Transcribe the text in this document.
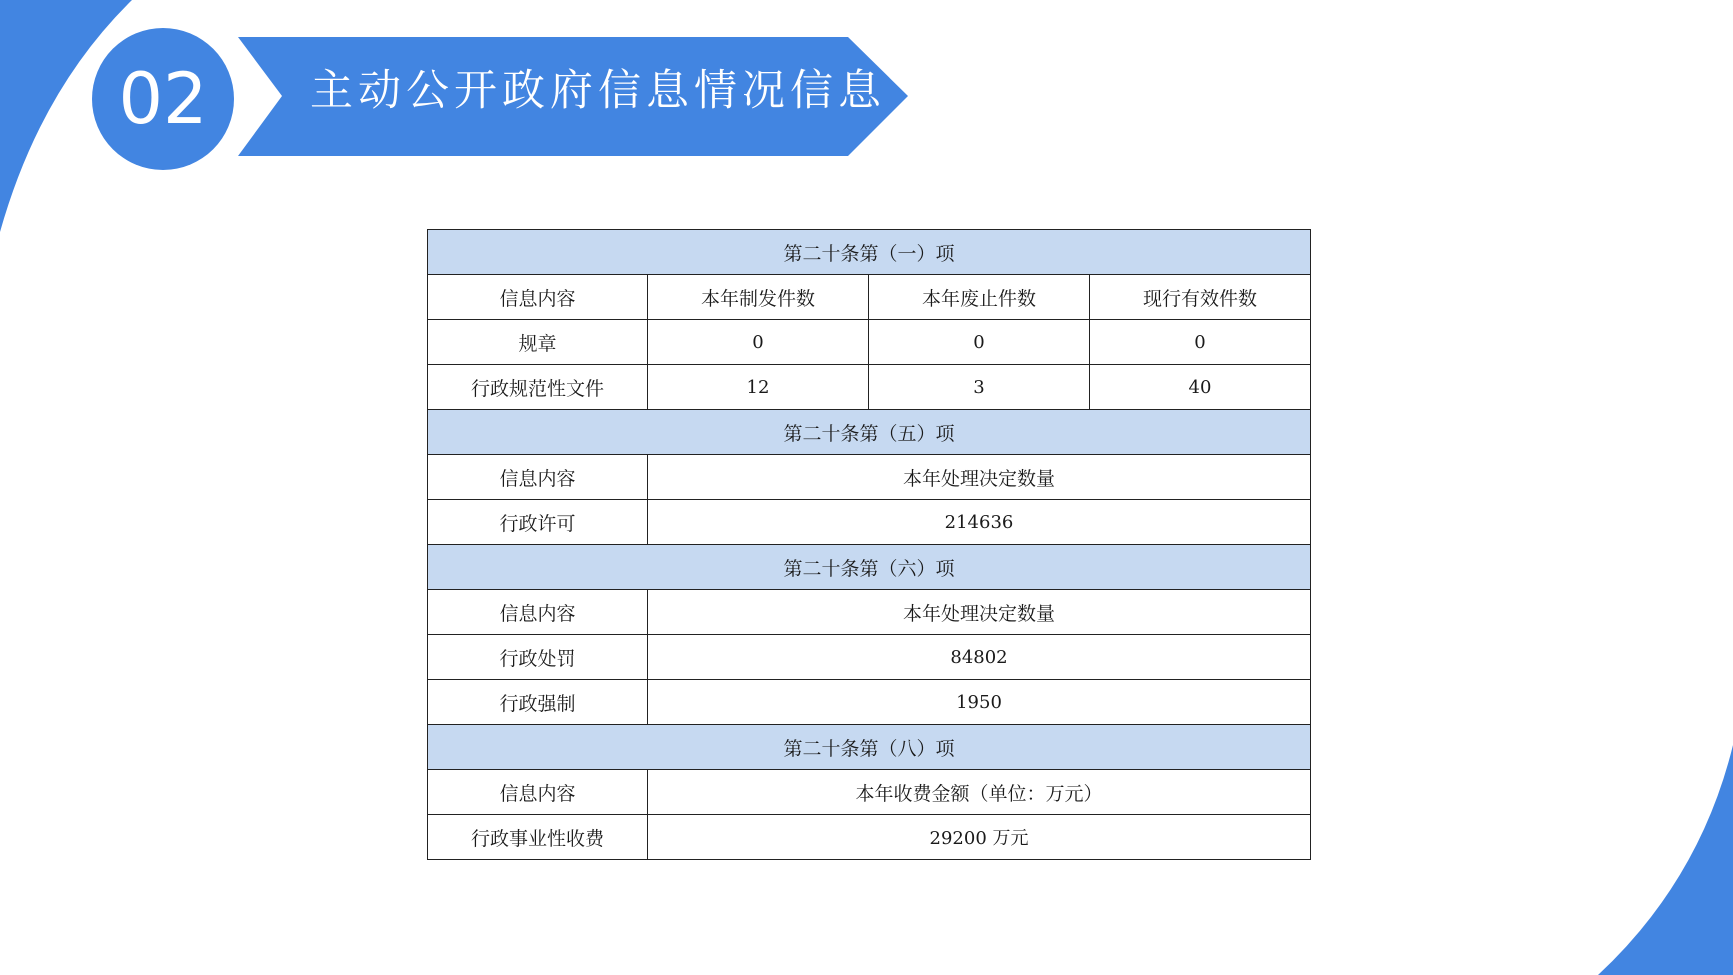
02 主动公开政府信息情况信息
第二十条第（一）项			
信息内容	本年制发件数	本年废止件数	现行有效件数
规章	0	0	0
行政规范性文件	12	3	40
第二十条第（五）项			
信息内容	本年处理决定数量		
行政许可	214636		
第二十条第（六）项			
信息内容	本年处理决定数量		
行政处罚	84802		
行政强制	1950		
第二十条第（八）项			
信息内容	本年收费金额（单位：万元）		
行政事业性收费	29200 万元		
